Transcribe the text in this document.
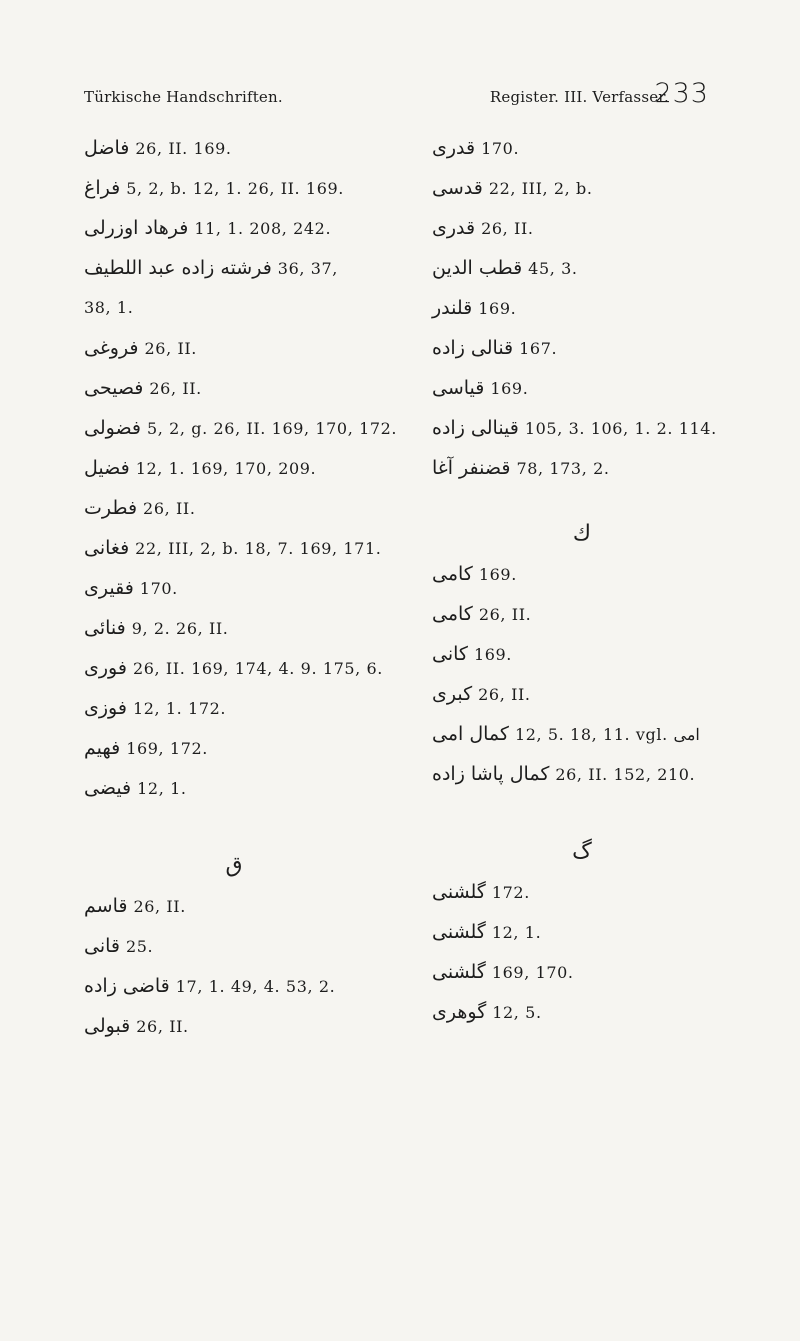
Türkische Handschriften.	Register. III. Verfasser.
233
فاضل 26, II. 169.
فراغ 5, 2, b. 12, 1. 26, II. 169.
فرهاد اوزرلی 11, 1. 208, 242.
فرشته زاده عبد اللطیف 36, 37,
38, 1.
فروغی 26, II.
فصیحی 26, II.
فضولی 5, 2, g. 26, II. 169, 170, 172.
فضیل 12, 1. 169, 170, 209.
فطرت 26, II.
فغانی 22, III, 2, b. 18, 7. 169, 171.
فقیری 170.
فنائی 9, 2. 26, II.
فوری 26, II. 169, 174, 4. 9. 175, 6.
فوزی 12, 1. 172.
فهیم 169, 172.
فیضی 12, 1.
ق
قاسم 26, II.
قانی 25.
قاضی زاده 17, 1. 49, 4. 53, 2.
قبولی 26, II.
قدری 170.
قدسی 22, III, 2, b.
قدری 26, II.
قطب الدین 45, 3.
قلندر 169.
قنالی زاده 167.
قیاسی 169.
قینالی زاده 105, 3. 106, 1. 2. 114.
قضنفر آغا 78, 173, 2.
ك
کامی 169.
کامی 26, II.
کانی 169.
کبری 26, II.
کمال امی 12, 5. 18, 11. vgl. امی
کمال پاشا زاده 26, II. 152, 210.
گ
گلشنی 172.
گلشنی 12, 1.
گلشنی 169, 170.
گوهری 12, 5.
